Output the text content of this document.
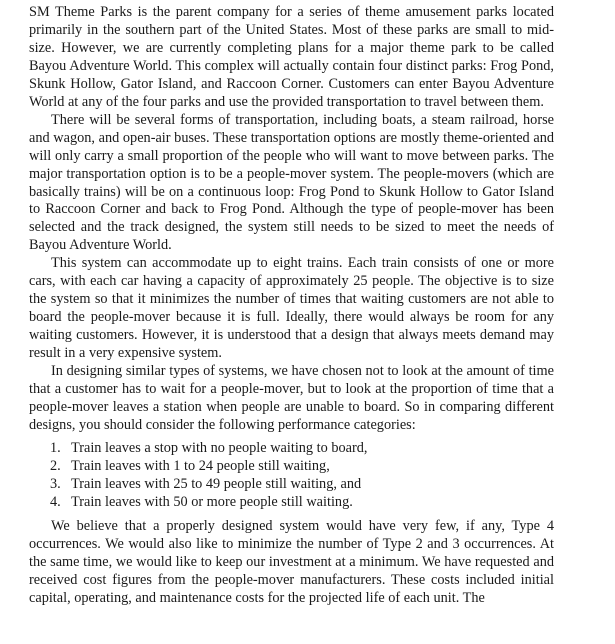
SM Theme Parks is the parent company for a series of theme amusement parks located primarily in the southern part of the United States. Most of these parks are small to mid-size. However, we are currently completing plans for a major theme park to be called Bayou Adventure World. This complex will actually contain four distinct parks: Frog Pond, Skunk Hollow, Gator Island, and Raccoon Corner. Customers can enter Bayou Adventure World at any of the four parks and use the provided transportation to travel between them.

There will be several forms of transportation, including boats, a steam railroad, horse and wagon, and open-air buses. These transportation options are mostly theme-oriented and will only carry a small proportion of the people who will want to move between parks. The major transportation option is to be a people-mover system. The people-movers (which are basically trains) will be on a continuous loop: Frog Pond to Skunk Hollow to Gator Island to Raccoon Corner and back to Frog Pond. Although the type of people-mover has been selected and the track designed, the system still needs to be sized to meet the needs of Bayou Adventure World.

This system can accommodate up to eight trains. Each train consists of one or more cars, with each car having a capacity of approximately 25 people. The objective is to size the system so that it minimizes the number of times that waiting customers are not able to board the people-mover because it is full. Ideally, there would always be room for any waiting customers. However, it is understood that a design that always meets demand may result in a very expensive system.

In designing similar types of systems, we have chosen not to look at the amount of time that a customer has to wait for a people-mover, but to look at the proportion of time that a people-mover leaves a station when people are unable to board. So in comparing different designs, you should consider the following performance categories:

1. Train leaves a stop with no people waiting to board,
2. Train leaves with 1 to 24 people still waiting,
3. Train leaves with 25 to 49 people still waiting, and
4. Train leaves with 50 or more people still waiting.

We believe that a properly designed system would have very few, if any, Type 4 occurrences. We would also like to minimize the number of Type 2 and 3 occurrences. At the same time, we would like to keep our investment at a minimum. We have requested and received cost figures from the people-mover manufacturers. These costs included initial capital, operating, and maintenance costs for the projected life of each unit. The
